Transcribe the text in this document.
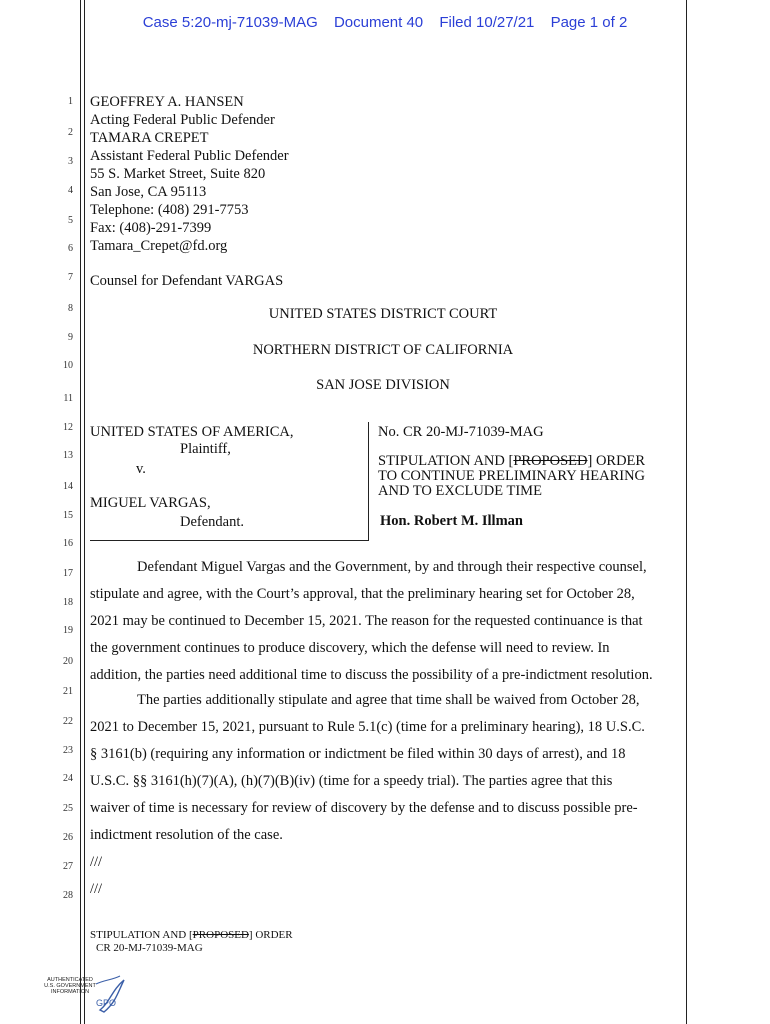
Case 5:20-mj-71039-MAG Document 40 Filed 10/27/21 Page 1 of 2
1
2
3
4
5
6
7
8
9
10
11
12
13
14
15
16
17
18
19
20
21
22
23
24
25
26
27
28
GEOFFREY A. HANSEN
Acting Federal Public Defender
TAMARA CREPET
Assistant Federal Public Defender
55 S. Market Street, Suite 820
San Jose, CA 95113
Telephone: (408) 291-7753
Fax: (408)-291-7399
Tamara_Crepet@fd.org
Counsel for Defendant VARGAS
UNITED STATES DISTRICT COURT
NORTHERN DISTRICT OF CALIFORNIA
SAN JOSE DIVISION
UNITED STATES OF AMERICA,
Plaintiff,
v.
MIGUEL VARGAS,
Defendant.
No. CR 20-MJ-71039-MAG
STIPULATION AND [PROPOSED] ORDER
TO CONTINUE PRELIMINARY HEARING
AND TO EXCLUDE TIME
Hon. Robert M. Illman
Defendant Miguel Vargas and the Government, by and through their respective counsel,
stipulate and agree, with the Court’s approval, that the preliminary hearing set for October 28,
2021 may be continued to December 15, 2021. The reason for the requested continuance is that
the government continues to produce discovery, which the defense will need to review. In
addition, the parties need additional time to discuss the possibility of a pre-indictment resolution.
The parties additionally stipulate and agree that time shall be waived from October 28,
2021 to December 15, 2021, pursuant to Rule 5.1(c) (time for a preliminary hearing), 18 U.S.C.
§ 3161(b) (requiring any information or indictment be filed within 30 days of arrest), and 18
U.S.C. §§ 3161(h)(7)(A), (h)(7)(B)(iv) (time for a speedy trial). The parties agree that this
waiver of time is necessary for review of discovery by the defense and to discuss possible pre-
indictment resolution of the case.
///
///
STIPULATION AND [PROPOSED] ORDER
CR 20-MJ-71039-MAG
AUTHENTICATED
U.S. GOVERNMENT
INFORMATION
GPO
